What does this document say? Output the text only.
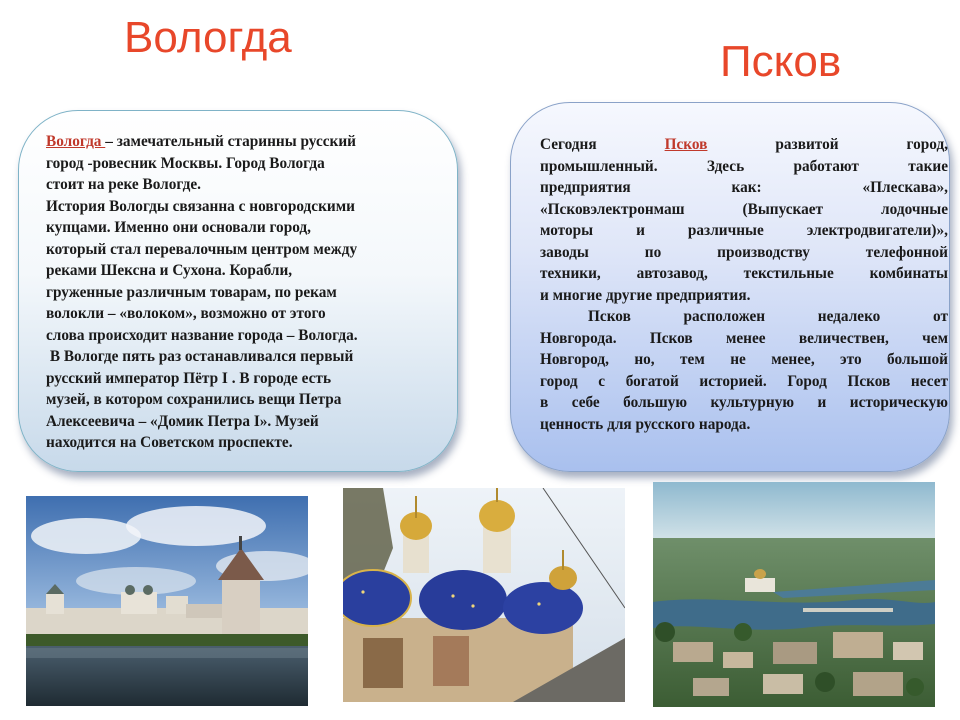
Вологда	Псков
Вологда – замечательный старинны русский
город -ровесник Москвы. Город Вологда
стоит на реке Вологде.
История Вологды связанна с новгородскими
купцами. Именно они основали город,
который стал перевалочным центром между
реками Шексна и Сухона. Корабли,
груженные различным товарам, по рекам
волокли – «волоком», возможно от этого
слова происходит название города – Вологда.
В Вологде пять раз останавливался первый
русский император Пётр I . В городе есть
музей, в котором сохранились вещи Петра
Алексеевича – «Домик Петра I». Музей
находится на Советском проспекте.
Сегодня	Псков	развитой город,
промышленный. Здесь работают такие
предприятия как: «Плескава»,
«Псковэлектронмаш (Выпускает лодочные
моторы и различные электродвигатели)»,
заводы по производству телефонной
техники, автозавод, текстильные комбинаты
и многие другие предприятия.
Псков расположен недалеко от
Новгорода. Псков менее величествен, чем
Новгород, но, тем не менее, это большой
город с богатой историей. Город Псков несет
в себе большую культурную и историческую
ценность для русского народа.
